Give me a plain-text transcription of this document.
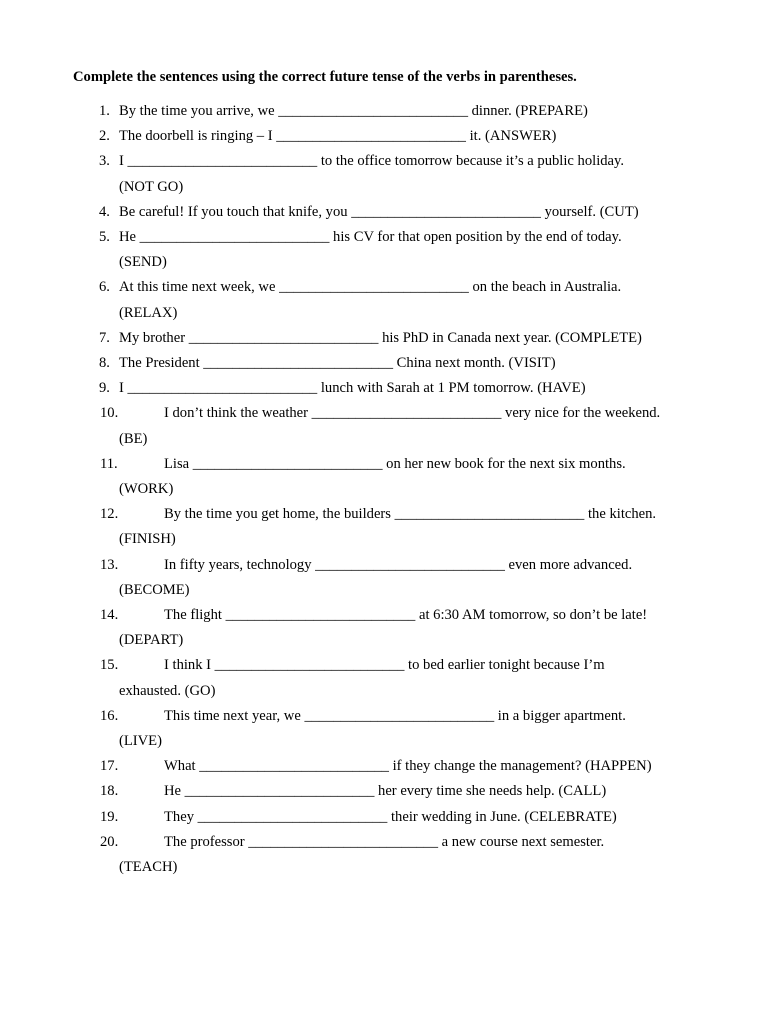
Complete the sentences using the correct future tense of the verbs in parentheses.
1. By the time you arrive, we __________________________ dinner. (PREPARE)
2. The doorbell is ringing – I __________________________ it. (ANSWER)
3. I __________________________ to the office tomorrow because it’s a public holiday.
(NOT GO)
4. Be careful! If you touch that knife, you __________________________ yourself. (CUT)
5. He __________________________ his CV for that open position by the end of today.
(SEND)
6. At this time next week, we __________________________ on the beach in Australia.
(RELAX)
7. My brother __________________________ his PhD in Canada next year. (COMPLETE)
8. The President __________________________ China next month. (VISIT)
9. I __________________________ lunch with Sarah at 1 PM tomorrow. (HAVE)
10.	I don’t think the weather __________________________ very nice for the weekend.
(BE)
11.	Lisa __________________________ on her new book for the next six months.
(WORK)
12.	By the time you get home, the builders __________________________ the kitchen.
(FINISH)
13.	In fifty years, technology __________________________ even more advanced.
(BECOME)
14.	The flight __________________________ at 6:30 AM tomorrow, so don’t be late!
(DEPART)
15.	I think I __________________________ to bed earlier tonight because I’m
exhausted. (GO)
16.	This time next year, we __________________________ in a bigger apartment.
(LIVE)
17.	What __________________________ if they change the management? (HAPPEN)
18.	He __________________________ her every time she needs help. (CALL)
19.	They __________________________ their wedding in June. (CELEBRATE)
20.	The professor __________________________ a new course next semester.
(TEACH)
